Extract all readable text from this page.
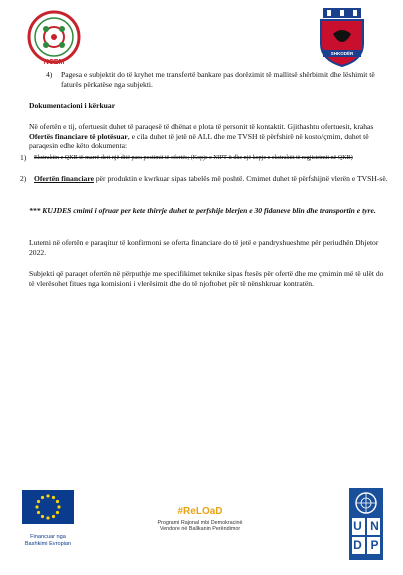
NCEM
SHKODËR
4) Pagesa e subjektit do të kryhet me transfertë bankare pas dorëzimit të mallitsë shërbimit dhe lëshimit të faturës përkatëse nga subjekti.
Dokumentacioni i kërkuar
Në ofertën e tij, ofertuesit duhet të paraqesë të dhënat e plota të personit të kontaktit. Gjithashtu ofertuesit, krahas Ofertës financiare të plotësuar, e cila duhet të jetë në ALL dhe me TVSH të përfshirë në kosto/çmim, duhet të paraqesin edhe këto dokumenta:
1) Ekstraktin e QKB të marrë deri një ditë para postimit të ofertës; (Kopje e NIPT-it dhe një kopje e ekstraktit të regjistrimit në QKB)
2) Ofertën financiare për produktin e kwrkuar sipas tabelës më poshtë. Cmimet duhet të përfshijnë vlerën e TVSH-së.
*** KUJDES cmimi i ofruar per kete thirrje duhet te perfshije blerjen e 30 fidaneve blin dhe transportin e tyre.
Lutemi në ofertën e paraqitur të konfirmoni se oferta financiare do të jetë e pandryshueshme për periudhën Dhjetor 2022.
Subjekti që paraqet ofertën në përputhje me specifikimet teknike sipas ftesës për ofertë dhe me çmimin më të ulët do të vlerësohet fitues nga komisioni i vlerësimit dhe do të njoftohet për të nënshkruar kontratën.
Financuar nga
Bashkimi Evropian
#ReLOaD
Programi Rajonal mbi Demokracinë
Vendore në Ballkanin Perëndimor	U N
D P
